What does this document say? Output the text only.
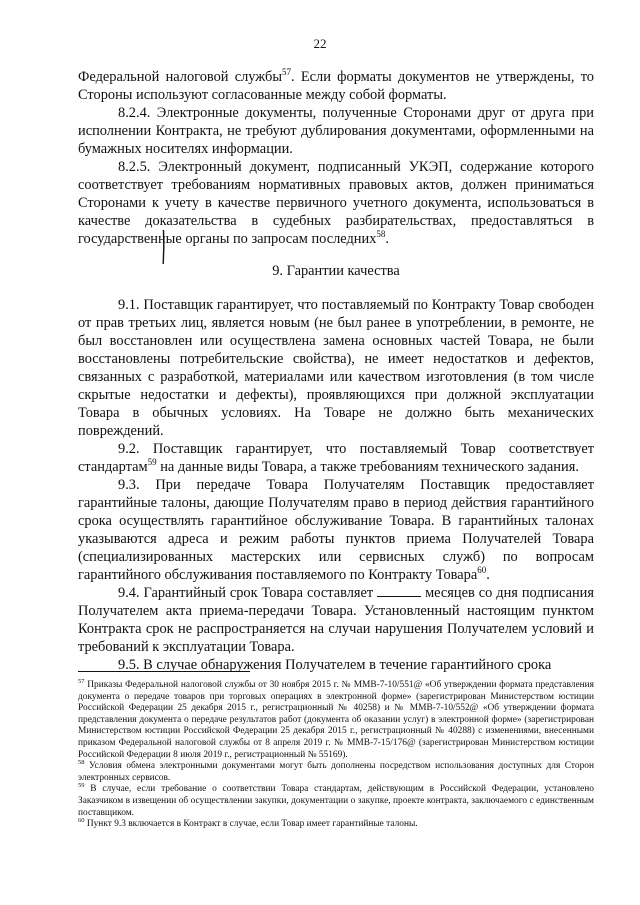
22

Федеральной налоговой службы$^{57}$. Если форматы документов не утверждены, то Стороны используют согласованные между собой форматы.

8.2.4. Электронные документы, полученные Сторонами друг от друга при исполнении Контракта, не требуют дублирования документами, оформленными на бумажных носителях информации.

8.2.5. Электронный документ, подписанный УКЭП, содержание которого соответствует требованиям нормативных правовых актов, должен приниматься Сторонами к учету в качестве первичного учетного документа, использоваться в качестве доказательства в судебных разбирательствах, предоставляться в государственные органы по запросам последних$^{58}$.

9. Гарантии качества

9.1. Поставщик гарантирует, что поставляемый по Контракту Товар свободен от прав третьих лиц, является новым (не был ранее в употреблении, в ремонте, не был восстановлен или осуществлена замена основных частей Товара, не были восстановлены потребительские свойства), не имеет недостатков и дефектов, связанных с разработкой, материалами или качеством изготовления (в том числе скрытые недостатки и дефекты), проявляющихся при должной эксплуатации Товара в обычных условиях. На Товаре не должно быть механических повреждений.

9.2. Поставщик гарантирует, что поставляемый Товар соответствует стандартам$^{59}$ на данные виды Товара, а также требованиям технического задания.

9.3. При передаче Товара Получателям Поставщик предоставляет гарантийные талоны, дающие Получателям право в период действия гарантийного срока осуществлять гарантийное обслуживание Товара. В гарантийных талонах указываются адреса и режим работы пунктов приема Получателей Товара (специализированных мастерских или сервисных служб) по вопросам гарантийного обслуживания поставляемого по Контракту Товара$^{60}$.

9.4. Гарантийный срок Товара составляет	месяцев со дня подписания Получателем акта приема-передачи Товара. Установленный настоящим пунктом Контракта срок не распространяется на случаи нарушения Получателем условий и требований к эксплуатации Товара.

9.5. В случае обнаружения Получателем в течение гарантийного срока

$^{57}$ Приказы Федеральной налоговой службы от 30 ноября 2015 г. № ММВ-7-10/551@ «Об утверждении формата представления документа о передаче товаров при торговых операциях в электронной форме» (зарегистрирован Министерством юстиции Российской Федерации 25 декабря 2015 г., регистрационный № 40258) и № ММВ-7-10/552@ «Об утверждении формата представления документа о передаче результатов работ (документа об оказании услуг) в электронной форме» (зарегистрирован Министерством юстиции Российской Федерации 25 декабря 2015 г., регистрационный № 40288) с изменениями, внесенными приказом Федеральной налоговой службы от 8 апреля 2019 г. № ММВ-7-15/176@ (зарегистрирован Министерством юстиции Российской Федерации 8 июля 2019 г., регистрационный № 55169).

$^{58}$ Условия обмена электронными документами могут быть дополнены посредством использования доступных для Сторон электронных сервисов.

$^{59}$ В случае, если требование о соответствии Товара стандартам, действующим в Российской Федерации, установлено Заказчиком в извещении об осуществлении закупки, документации о закупке, проекте контракта, заключаемого с единственным поставщиком.

$^{60}$ Пункт 9.3 включается в Контракт в случае, если Товар имеет гарантийные талоны.
